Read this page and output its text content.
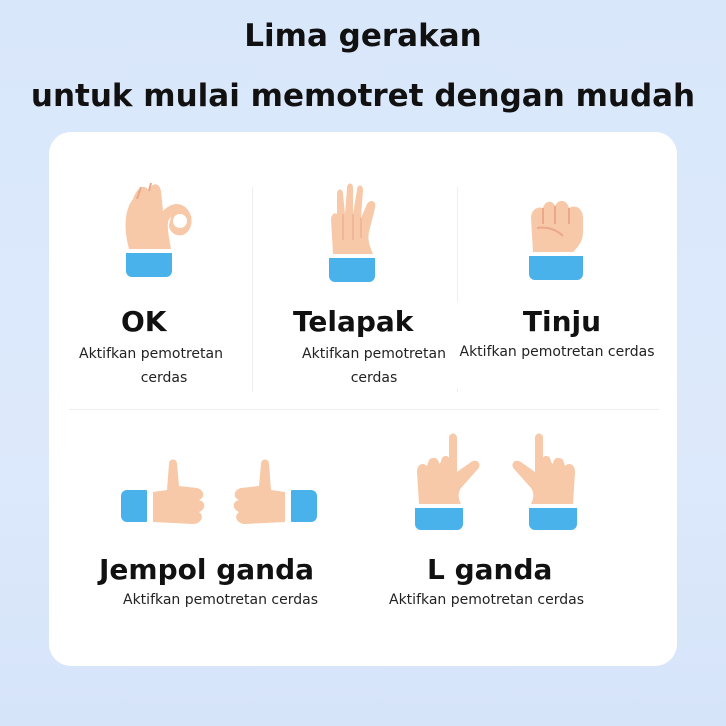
Lima gerakan
untuk mulai memotret dengan mudah
OK
Aktifkan pemotretan
cerdas
Telapak
Aktifkan pemotretan
cerdas
Tinju
Aktifkan pemotretan cerdas
Jempol ganda
Aktifkan pemotretan cerdas
L ganda
Aktifkan pemotretan cerdas
